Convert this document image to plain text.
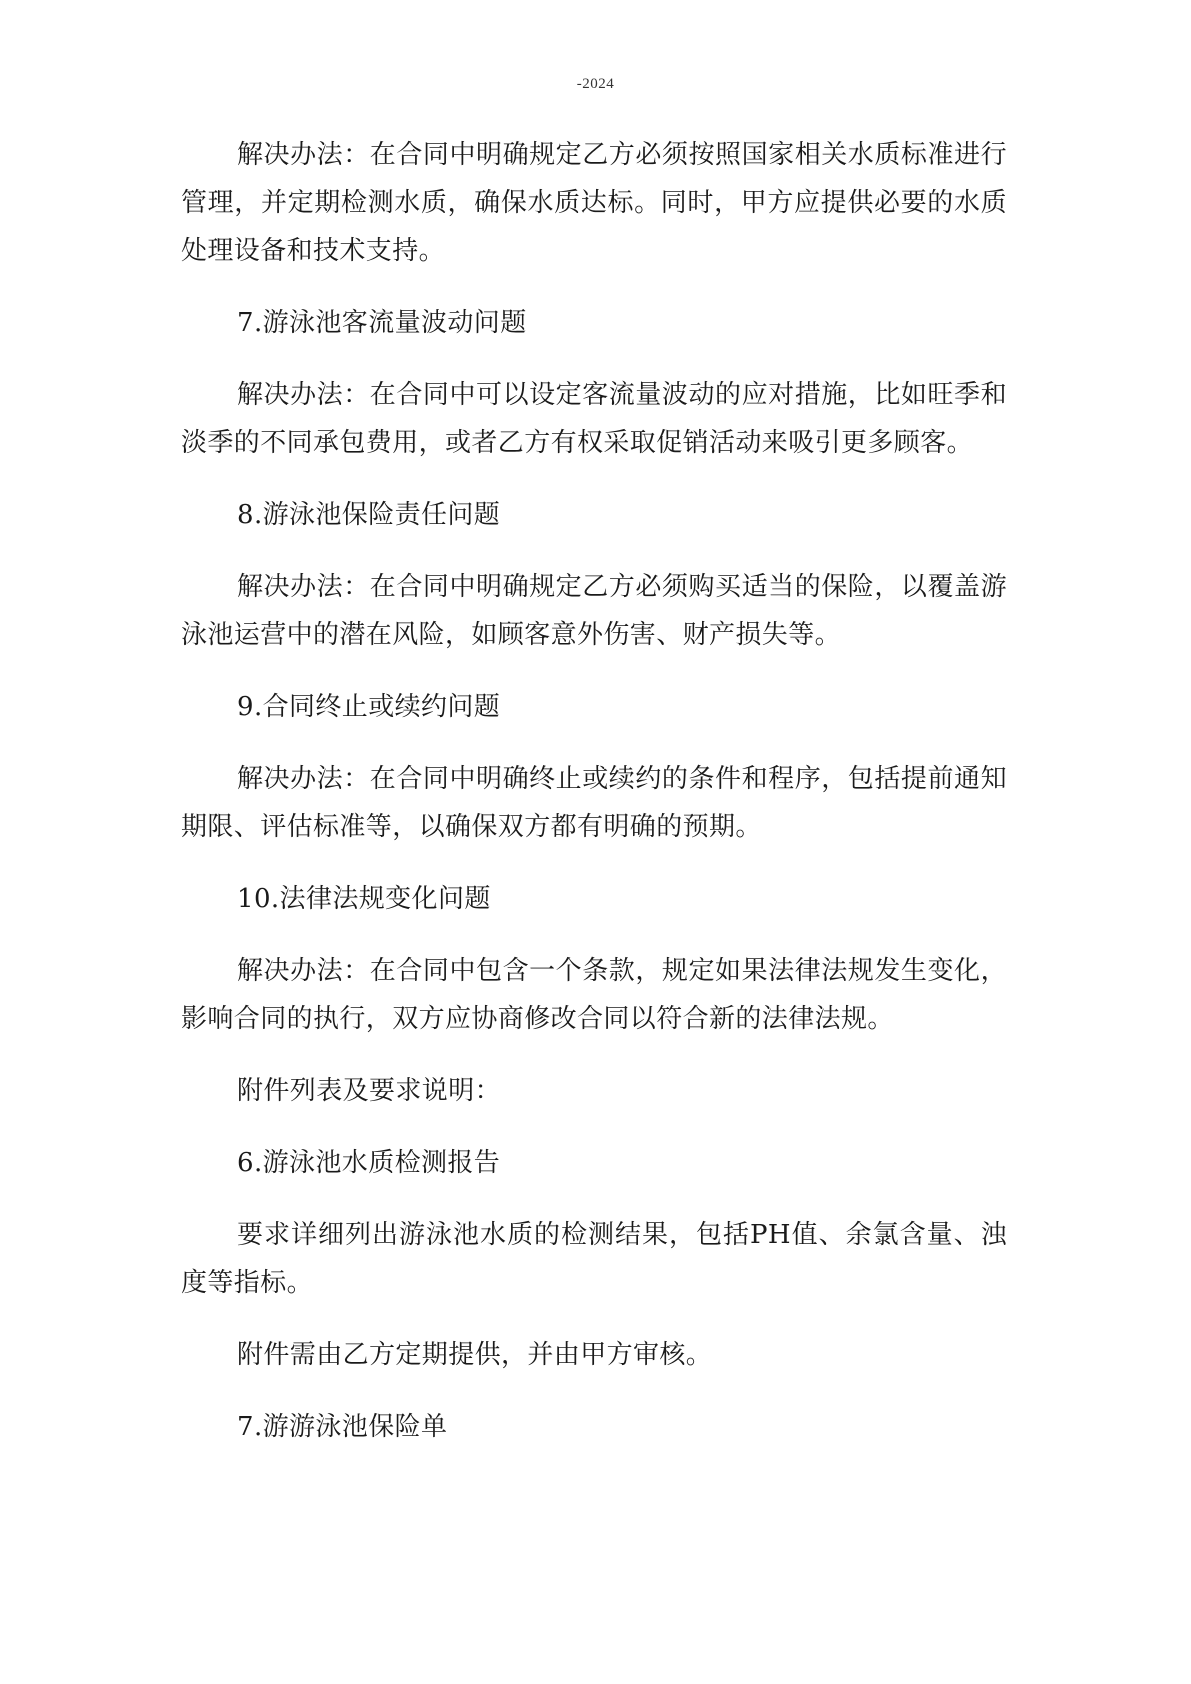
-2024

解决办法：在合同中明确规定乙方必须按照国家相关水质标准进行管理，并定期检测水质，确保水质达标。同时，甲方应提供必要的水质处理设备和技术支持。

7.游泳池客流量波动问题

解决办法：在合同中可以设定客流量波动的应对措施，比如旺季和淡季的不同承包费用，或者乙方有权采取促销活动来吸引更多顾客。

8.游泳池保险责任问题

解决办法：在合同中明确规定乙方必须购买适当的保险，以覆盖游泳池运营中的潜在风险，如顾客意外伤害、财产损失等。

9.合同终止或续约问题

解决办法：在合同中明确终止或续约的条件和程序，包括提前通知期限、评估标准等，以确保双方都有明确的预期。

10.法律法规变化问题

解决办法：在合同中包含一个条款，规定如果法律法规发生变化，影响合同的执行，双方应协商修改合同以符合新的法律法规。

附件列表及要求说明：

6.游泳池水质检测报告

要求详细列出游泳池水质的检测结果，包括PH值、余氯含量、浊度等指标。

附件需由乙方定期提供，并由甲方审核。

7.游游泳池保险单
